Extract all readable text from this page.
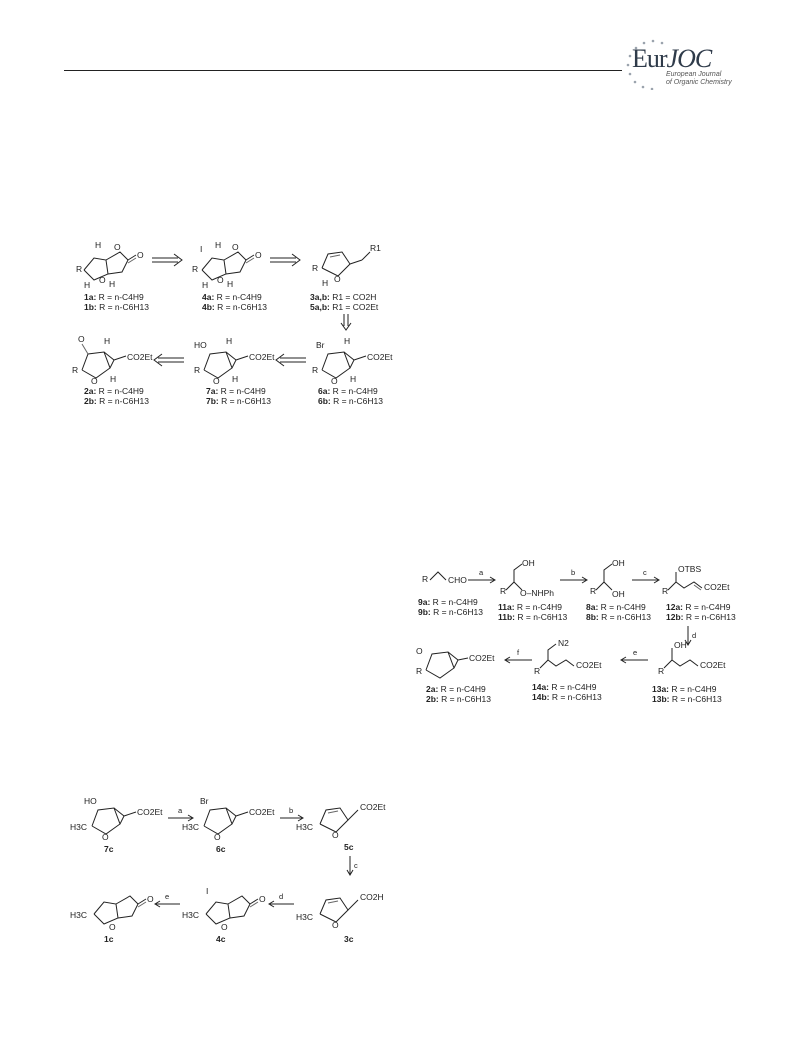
EurJOC
European Journal
of Organic Chemistry
H O
O
O
R
H H
1a: R = n-C4H9
1b: R = n-C6H13
I H O
O
O
R
H H
4a: R = n-C4H9
4b: R = n-C6H13
O
R
H
R1
3a,b: R1 = CO2H
5a,b: R1 = CO2Et
O H
CO2Et
O
R
H
2a: R = n-C4H9
2b: R = n-C6H13
HO H
CO2Et
O
R
H
7a: R = n-C4H9
7b: R = n-C6H13
Br H
CO2Et
O
R
H
6a: R = n-C4H9
6b: R = n-C6H13
R CHO
9a: R = n-C4H9
9b: R = n-C6H13
a
OH
O–NHPh
R
11a: R = n-C4H9
11b: R = n-C6H13
b
OH
OH
R
8a: R = n-C4H9
8b: R = n-C6H13
c	OTBS
CO2Et
R
12a: R = n-C4H9
12b: R = n-C6H13
d
CO2Et
O
R
2a: R = n-C4H9
2b: R = n-C6H13
f
N2
CO2Et
R
14a: R = n-C4H9
14b: R = n-C6H13
e
OH
CO2Et
R
13a: R = n-C4H9
13b: R = n-C6H13
HO
CO2Et
O
H3C
7c
a
Br
CO2Et
O
H3C
6c
b	CO2Et
O
H3C
5c
c
CO2H
O
H3C
3c
d
I
O
O
H3C
4c
e
O
O
H3C
1c
